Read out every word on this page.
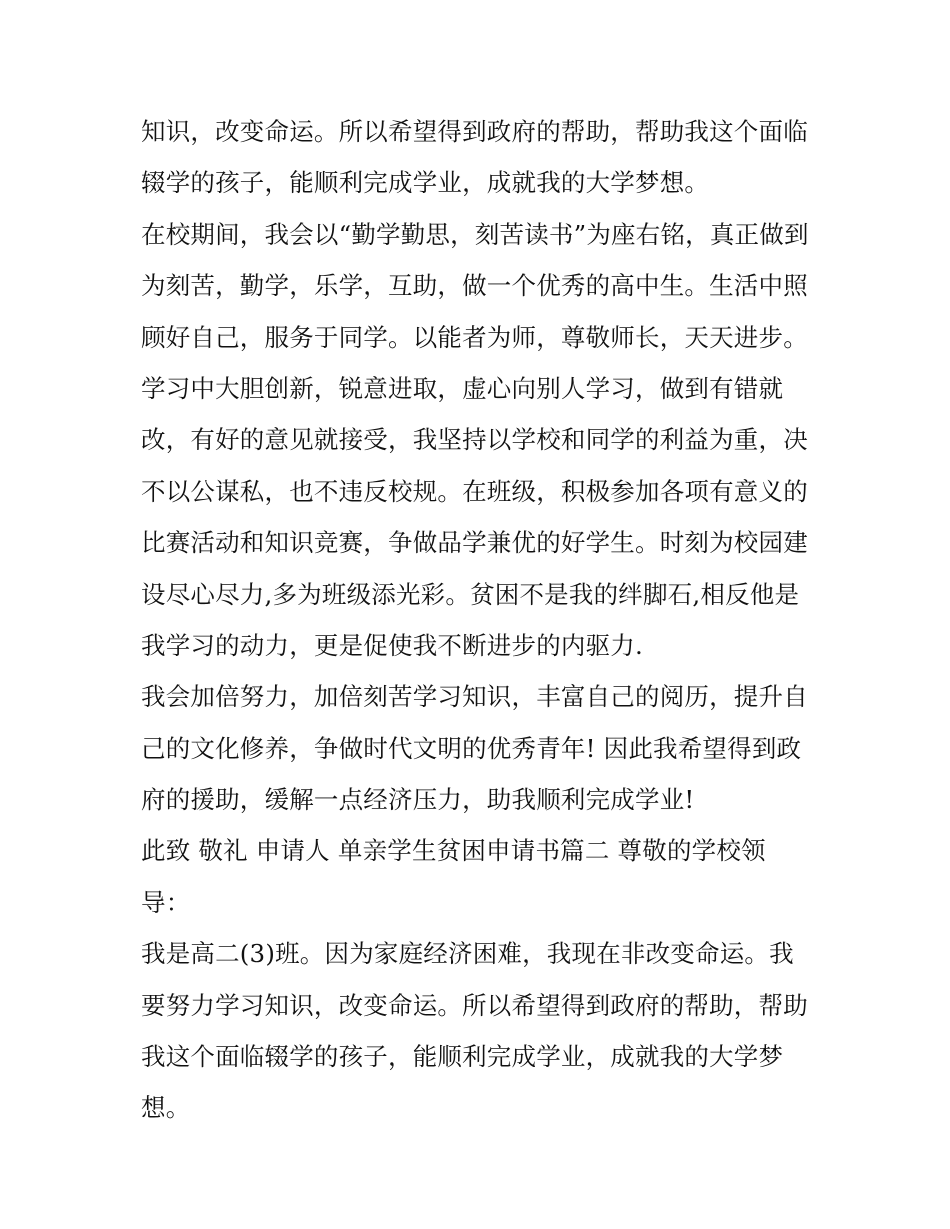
知识，改变命运。所以希望得到政府的帮助，帮助我这个面临
辍学的孩子，能顺利完成学业，成就我的大学梦想。
在校期间，我会以“勤学勤思，刻苦读书”为座右铭，真正做到
为刻苦，勤学，乐学，互助，做一个优秀的高中生。生活中照
顾好自己，服务于同学。以能者为师，尊敬师长，天天进步。
学习中大胆创新，锐意进取，虚心向别人学习，做到有错就
改，有好的意见就接受，我坚持以学校和同学的利益为重，决
不以公谋私，也不违反校规。在班级，积极参加各项有意义的
比赛活动和知识竞赛，争做品学兼优的好学生。时刻为校园建
设尽心尽力,多为班级添光彩。贫困不是我的绊脚石,相反他是
我学习的动力，更是促使我不断进步的内驱力.
我会加倍努力，加倍刻苦学习知识，丰富自己的阅历，提升自
己的文化修养，争做时代文明的优秀青年! 因此我希望得到政
府的援助，缓解一点经济压力，助我顺利完成学业!
此致 敬礼 申请人 单亲学生贫困申请书篇二 尊敬的学校领
导：
我是高二(3)班。因为家庭经济困难，我现在非改变命运。我
要努力学习知识，改变命运。所以希望得到政府的帮助，帮助
我这个面临辍学的孩子，能顺利完成学业，成就我的大学梦
想。
